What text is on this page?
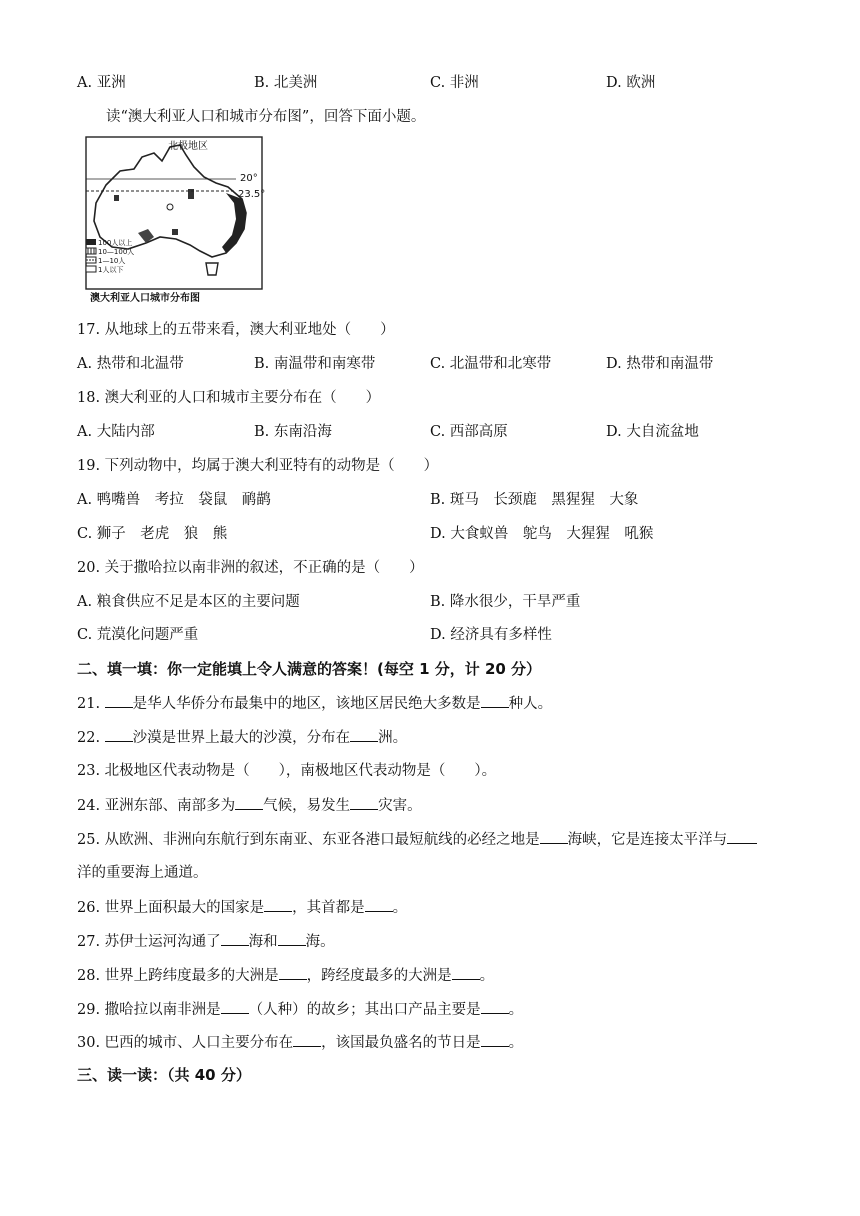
A. 亚洲	B. 北美洲	C. 非洲	D. 欧洲
读“澳大利亚人口和城市分布图”，回答下面小题。
北极地区
20°
23.5°
100人以上
10—100人
1—10人
1人以下
澳大利亚人口城市分布图
17. 从地球上的五带来看，澳大利亚地处（　　）
A. 热带和北温带	B. 南温带和南寒带	C. 北温带和北寒带	D. 热带和南温带
18. 澳大利亚的人口和城市主要分布在（　　）
A. 大陆内部	B. 东南沿海	C. 西部高原	D. 大自流盆地
19. 下列动物中，均属于澳大利亚特有的动物是（　　）
A. 鸭嘴兽　考拉　袋鼠　鸸鹋	B. 斑马　长颈鹿　黑猩猩　大象
C. 狮子　老虎　狼　熊	D. 大食蚁兽　鸵鸟　大猩猩　吼猴
20. 关于撒哈拉以南非洲的叙述，不正确的是（　　）
A. 粮食供应不足是本区的主要问题	B. 降水很少，干旱严重
C. 荒漠化问题严重	D. 经济具有多样性
二、填一填：你一定能填上令人满意的答案！(每空 1 分，计 20 分）
21. 是华人华侨分布最集中的地区，该地区居民绝大多数是 种人。
22. 沙漠是世界上最大的沙漠，分布在 洲。
23. 北极地区代表动物是（　　），南极地区代表动物是（　　）。
24. 亚洲东部、南部多为 气候，易发生 灾害。
25. 从欧洲、非洲向东航行到东南亚、东亚各港口最短航线的必经之地是 海峡，它是连接太平洋与
洋的重要海上通道。
26. 世界上面积最大的国家是 ，其首都是 。
27. 苏伊士运河沟通了 海和 海。
28. 世界上跨纬度最多的大洲是 ，跨经度最多的大洲是 。
29. 撒哈拉以南非洲是 （人种）的故乡；其出口产品主要是 。
30. 巴西的城市、人口主要分布在 ，该国最负盛名的节日是 。
三、读一读：（共 40 分）
